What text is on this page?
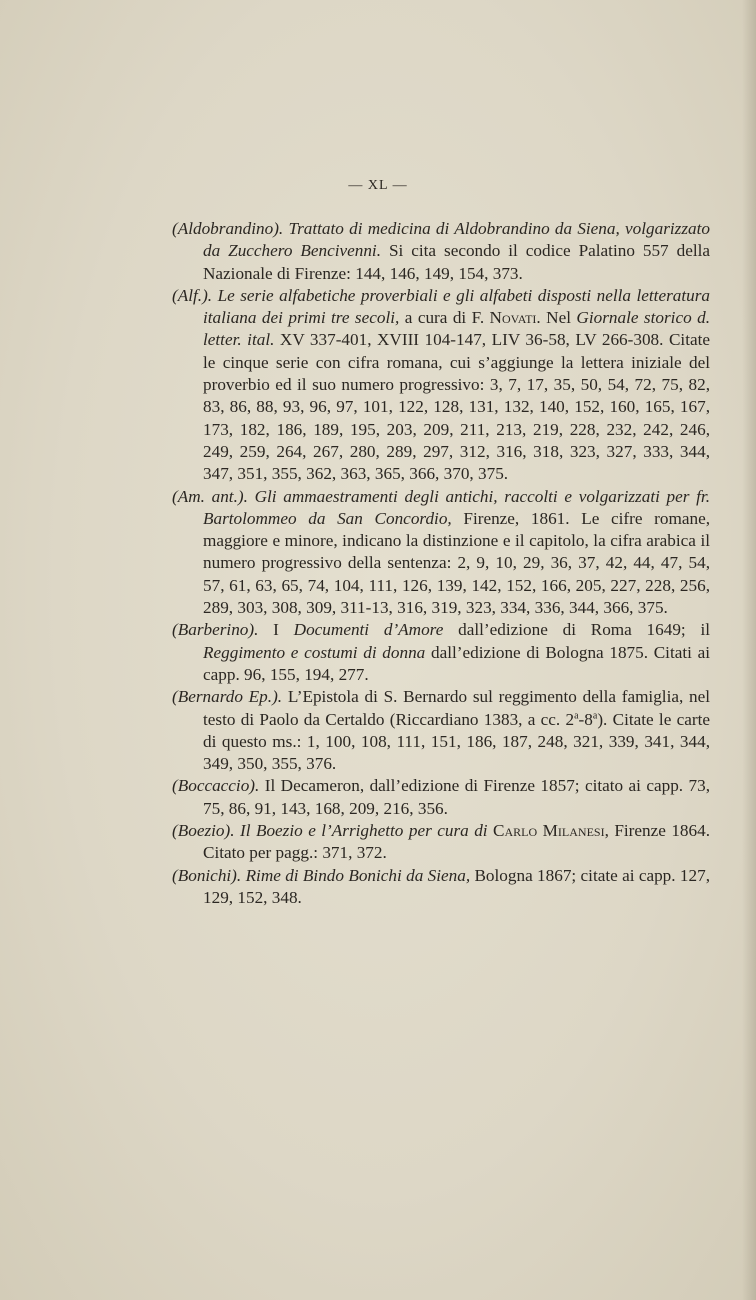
— XL —

(Aldobrandino). Trattato di medicina di Aldobrandino da Siena, volgarizzato da Zucchero Bencivenni. Si cita secondo il codice Palatino 557 della Nazionale di Firenze: 144, 146, 149, 154, 373.

(Alf.). Le serie alfabetiche proverbiali e gli alfabeti disposti nella letteratura italiana dei primi tre secoli, a cura di F. Novati. Nel Giornale storico d. letter. ital. XV 337-401, XVIII 104-147, LIV 36-58, LV 266-308. Citate le cinque serie con cifra romana, cui s’aggiunge la lettera iniziale del proverbio ed il suo numero progressivo: 3, 7, 17, 35, 50, 54, 72, 75, 82, 83, 86, 88, 93, 96, 97, 101, 122, 128, 131, 132, 140, 152, 160, 165, 167, 173, 182, 186, 189, 195, 203, 209, 211, 213, 219, 228, 232, 242, 246, 249, 259, 264, 267, 280, 289, 297, 312, 316, 318, 323, 327, 333, 344, 347, 351, 355, 362, 363, 365, 366, 370, 375.

(Am. ant.). Gli ammaestramenti degli antichi, raccolti e volgarizzati per fr. Bartolommeo da San Concordio, Firenze, 1861. Le cifre romane, maggiore e minore, indicano la distinzione e il capitolo, la cifra arabica il numero progressivo della sentenza: 2, 9, 10, 29, 36, 37, 42, 44, 47, 54, 57, 61, 63, 65, 74, 104, 111, 126, 139, 142, 152, 166, 205, 227, 228, 256, 289, 303, 308, 309, 311-13, 316, 319, 323, 334, 336, 344, 366, 375.

(Barberino). I Documenti d’Amore dall’edizione di Roma 1649; il Reggimento e costumi di donna dall’edizione di Bologna 1875. Citati ai capp. 96, 155, 194, 277.

(Bernardo Ep.). L’Epistola di S. Bernardo sul reggimento della famiglia, nel testo di Paolo da Certaldo (Riccardiano 1383, a cc. 2$^a$-8$^a$). Citate le carte di questo ms.: 1, 100, 108, 111, 151, 186, 187, 248, 321, 339, 341, 344, 349, 350, 355, 376.

(Boccaccio). Il Decameron, dall’edizione di Firenze 1857; citato ai capp. 73, 75, 86, 91, 143, 168, 209, 216, 356.

(Boezio). Il Boezio e l’Arrighetto per cura di Carlo Milanesi, Firenze 1864. Citato per pagg.: 371, 372.

(Bonichi). Rime di Bindo Bonichi da Siena, Bologna 1867; citate ai capp. 127, 129, 152, 348.
